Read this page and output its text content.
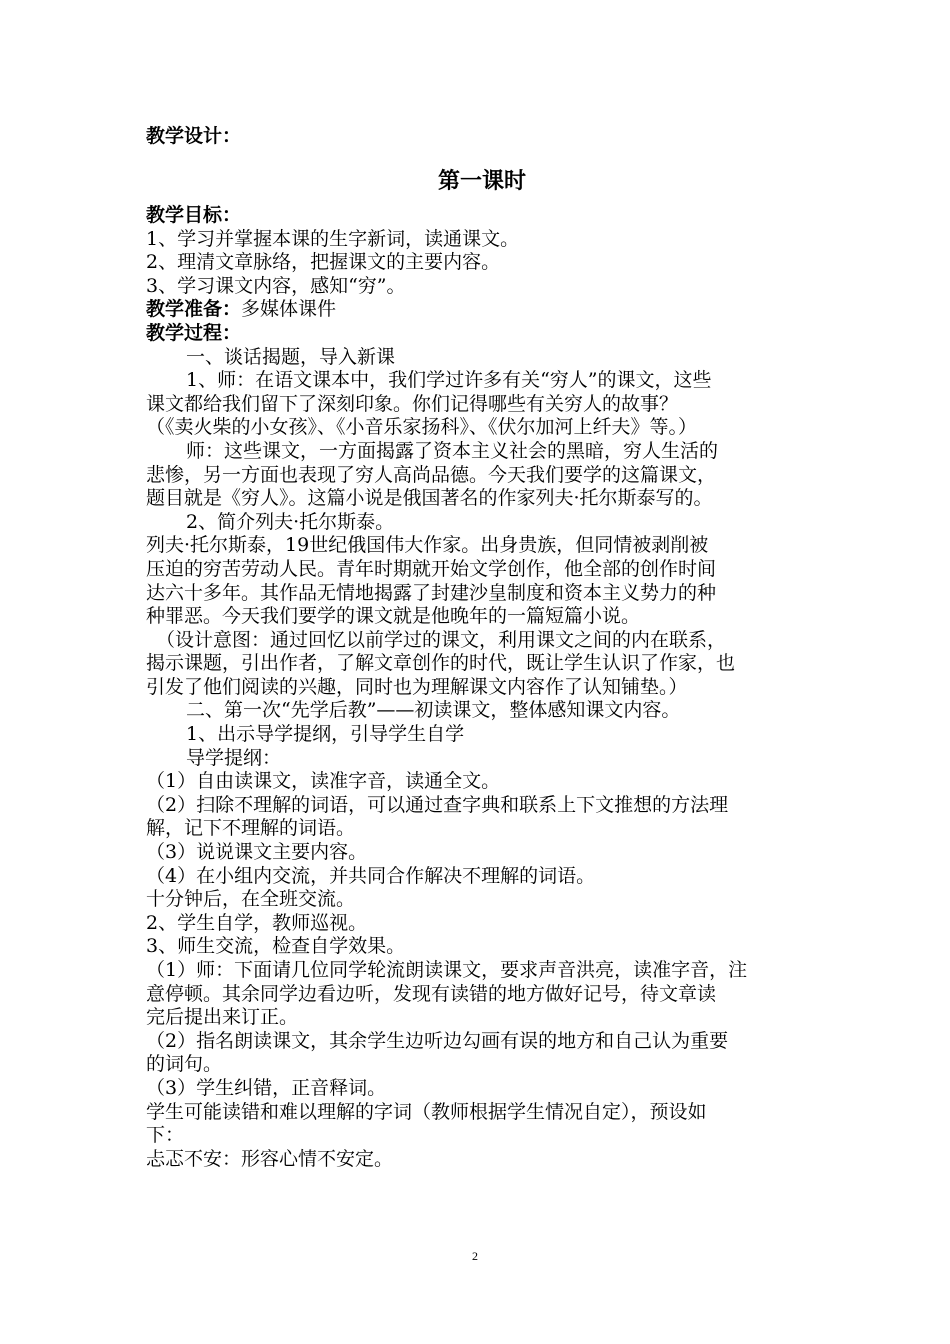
教学设计：
第一课时
教学目标：
1、学习并掌握本课的生字新词，读通课文。
2、理清文章脉络，把握课文的主要内容。
3、学习课文内容，感知“穷”。
教学准备：多媒体课件
教学过程：
一、谈话揭题，导入新课
1、师：在语文课本中，我们学过许多有关“穷人”的课文，这些
课文都给我们留下了深刻印象。你们记得哪些有关穷人的故事？
（《卖火柴的小女孩》、《小音乐家扬科》、《伏尔加河上纤夫》等。）
师：这些课文，一方面揭露了资本主义社会的黑暗，穷人生活的
悲惨，另一方面也表现了穷人高尚品德。今天我们要学的这篇课文，
题目就是《穷人》。这篇小说是俄国著名的作家列夫·托尔斯泰写的。
2、简介列夫·托尔斯泰。
列夫·托尔斯泰，19世纪俄国伟大作家。出身贵族，但同情被剥削被
压迫的穷苦劳动人民。青年时期就开始文学创作，他全部的创作时间
达六十多年。其作品无情地揭露了封建沙皇制度和资本主义势力的种
种罪恶。今天我们要学的课文就是他晚年的一篇短篇小说。
（设计意图：通过回忆以前学过的课文，利用课文之间的内在联系，
揭示课题，引出作者，了解文章创作的时代，既让学生认识了作家，也
引发了他们阅读的兴趣，同时也为理解课文内容作了认知铺垫。）
二、第一次“先学后教”——初读课文，整体感知课文内容。
1、出示导学提纲，引导学生自学
导学提纲：
（1）自由读课文，读准字音，读通全文。
（2）扫除不理解的词语，可以通过查字典和联系上下文推想的方法理
解，记下不理解的词语。
（3）说说课文主要内容。
（4）在小组内交流，并共同合作解决不理解的词语。
十分钟后，在全班交流。
2、学生自学，教师巡视。
3、师生交流，检查自学效果。
（1）师：下面请几位同学轮流朗读课文，要求声音洪亮，读准字音，注
意停顿。其余同学边看边听，发现有读错的地方做好记号，待文章读
完后提出来订正。
（2）指名朗读课文，其余学生边听边勾画有误的地方和自己认为重要
的词句。
（3）学生纠错，正音释词。
学生可能读错和难以理解的字词（教师根据学生情况自定），预设如
下：
忐忑不安：形容心情不安定。
2
